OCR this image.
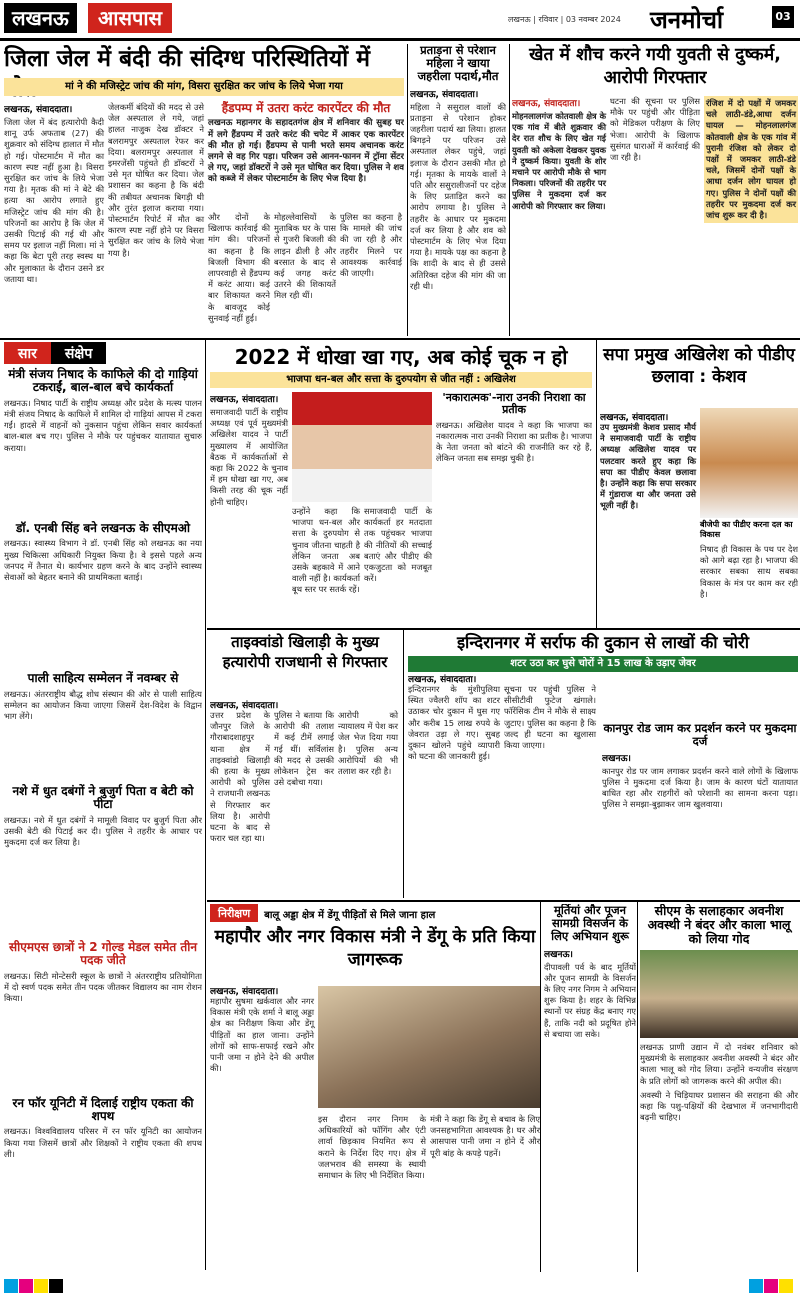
लखनऊ	आसपास	लखनऊ | रविवार | 03 नवम्बर 2024 जनमोर्चा	03
जिला जेल में बंदी की संदिग्ध परिस्थितियों में
मां ने की मजिस्ट्रेट जांच की मांग, विसरा सुरक्षित कर जांच के लिये भेजा गया
लखनऊ, संवाददाता।
जिला जेल में बंद हत्यारोपी कैदी शानू उर्फ अफताब (27) की शुक्रवार को संदिग्ध हालात में मौत हो गई। पोस्टमार्टम में मौत का कारण स्पष्ट नहीं हुआ है। विसरा सुरक्षित कर जांच के लिये भेजा गया है। मृतक की मां ने बेटे की हत्या का आरोप लगाते हुए मजिस्ट्रेट जांच की मांग की है। परिजनों का आरोप है कि जेल में उसकी पिटाई की गई थी और समय पर इलाज नहीं मिला। मां ने कहा कि बेटा पूरी तरह स्वस्थ था और मुलाकात के दौरान उसने डर जताया था।
जेलकर्मी बंदियों की मदद से उसे जेल अस्पताल ले गये, जहां हालत नाजुक देख डॉक्टर ने बलरामपुर अस्पताल रेफर कर दिया। बलरामपुर अस्पताल में इमरजेंसी पहुंचते ही डॉक्टरों ने उसे मृत घोषित कर दिया। जेल प्रशासन का कहना है कि बंदी की तबीयत अचानक बिगड़ी थी और तुरंत इलाज कराया गया। पोस्टमार्टम रिपोर्ट में मौत का कारण स्पष्ट नहीं होने पर विसरा सुरक्षित कर जांच के लिये भेजा गया है।
हैंडपम्प में उतरा करंट कारपेंटर की मौत
लखनऊ महानगर के सहादतगंज क्षेत्र में शनिवार की सुबह घर में लगे हैंडपम्प में उतरे करंट की चपेट में आकर एक कारपेंटर की मौत हो गई। हैंडपम्प से पानी भरते समय अचानक करंट लगने से वह गिर पड़ा। परिजन उसे आनन-फानन में ट्रॉमा सेंटर ले गए, जहां डॉक्टरों ने उसे मृत घोषित कर दिया। पुलिस ने शव को कब्जे में लेकर पोस्टमार्टम के लिए भेज दिया है।
और दोनों के खिलाफ कार्रवाई की मांग की। परिजनों का कहना है कि बिजली विभाग की लापरवाही से हैंडपम्प में करंट आया। कई बार शिकायत करने के बावजूद कोई सुनवाई नहीं हुई।
मोहल्लेवासियों के मुताबिक घर के पास से गुजरी बिजली की लाइन ढीली है और बरसात के बाद से कई जगह करंट उतरने की शिकायतें मिल रही थीं।
पुलिस का कहना है कि मामले की जांच की जा रही है और तहरीर मिलने पर आवश्यक कार्रवाई की जाएगी।
प्रताड़ना से परेशान महिला ने खाया जहरीला पदार्थ,मौत
लखनऊ, संवाददाता।
महिला ने ससुराल वालों की प्रताड़ना से परेशान होकर जहरीला पदार्थ खा लिया। हालत बिगड़ने पर परिजन उसे अस्पताल लेकर पहुंचे, जहां इलाज के दौरान उसकी मौत हो गई। मृतका के मायके वालों ने पति और ससुरालीजनों पर दहेज के लिए प्रताड़ित करने का आरोप लगाया है। पुलिस ने तहरीर के आधार पर मुकदमा दर्ज कर लिया है और शव को पोस्टमार्टम के लिए भेज दिया गया है। मायके पक्ष का कहना है कि शादी के बाद से ही उससे अतिरिक्त दहेज की मांग की जा रही थी।
खेत में शौच करने गयी युवती से दुष्कर्म, आरोपी गिरफ्तार
लखनऊ, संवाददाता।
मोहनलालगंज कोतवाली क्षेत्र के एक गांव में बीते शुक्रवार की देर रात शौच के लिए खेत गई युवती को अकेला देखकर युवक ने दुष्कर्म किया। युवती के शोर मचाने पर आरोपी मौके से भाग निकला। परिजनों की तहरीर पर पुलिस ने मुकदमा दर्ज कर आरोपी को गिरफ्तार कर लिया।
घटना की सूचना पर पुलिस मौके पर पहुंची और पीड़िता को मेडिकल परीक्षण के लिए भेजा। आरोपी के खिलाफ सुसंगत धाराओं में कार्रवाई की जा रही है।
रंजिश में दो पक्षों में जमकर चले लाठी-डंडे,आधा दर्जन घायल — मोहनलालगंज कोतवाली क्षेत्र के एक गांव में पुरानी रंजिश को लेकर दो पक्षों में जमकर लाठी-डंडे चले, जिसमें दोनों पक्षों के आधा दर्जन लोग घायल हो गए। पुलिस ने दोनों पक्षों की तहरीर पर मुकदमा दर्ज कर जांच शुरू कर दी है।
सार	संक्षेप
मंत्री संजय निषाद के काफिले की दो गाड़ियां टकराईं, बाल-बाल बचे कार्यकर्ता
लखनऊ। निषाद पार्टी के राष्ट्रीय अध्यक्ष और प्रदेश के मत्स्य पालन मंत्री संजय निषाद के काफिले में शामिल दो गाड़ियां आपस में टकरा गईं। हादसे में वाहनों को नुकसान पहुंचा लेकिन सवार कार्यकर्ता बाल-बाल बच गए। पुलिस ने मौके पर पहुंचकर यातायात सुचारु कराया।
डॉ. एनबी सिंह बने लखनऊ के सीएमओ
लखनऊ। स्वास्थ्य विभाग ने डॉ. एनबी सिंह को लखनऊ का नया मुख्य चिकित्सा अधिकारी नियुक्त किया है। वे इससे पहले अन्य जनपद में तैनात थे। कार्यभार ग्रहण करने के बाद उन्होंने स्वास्थ्य सेवाओं को बेहतर बनाने की प्राथमिकता बताई।
पाली साहित्य सम्मेलन नें नवम्बर से
लखनऊ। अंतरराष्ट्रीय बौद्ध शोध संस्थान की ओर से पाली साहित्य सम्मेलन का आयोजन किया जाएगा जिसमें देश-विदेश के विद्वान भाग लेंगे।
नशे में धुत दबंगों ने बुजुर्ग पिता व बेटी को पीटा
लखनऊ। नशे में धुत दबंगों ने मामूली विवाद पर बुजुर्ग पिता और उसकी बेटी की पिटाई कर दी। पुलिस ने तहरीर के आधार पर मुकदमा दर्ज कर लिया है।
सीएमएस छात्रों ने 2 गोल्ड मेडल समेत तीन पदक जीते
लखनऊ। सिटी मोन्टेसरी स्कूल के छात्रों ने अंतरराष्ट्रीय प्रतियोगिता में दो स्वर्ण पदक समेत तीन पदक जीतकर विद्यालय का नाम रोशन किया।
रन फॉर यूनिटी में दिलाई राष्ट्रीय एकता की शपथ
लखनऊ। विश्वविद्यालय परिसर में रन फॉर यूनिटी का आयोजन किया गया जिसमें छात्रों और शिक्षकों ने राष्ट्रीय एकता की शपथ ली।
2022 में धोखा खा गए, अब कोई चूक न हो
भाजपा धन-बल और सत्ता के दुरुपयोग से जीत नहीं : अखिलेश
लखनऊ, संवाददाता।
समाजवादी पार्टी के राष्ट्रीय अध्यक्ष एवं पूर्व मुख्यमंत्री अखिलेश यादव ने पार्टी मुख्यालय में आयोजित बैठक में कार्यकर्ताओं से कहा कि 2022 के चुनाव में हम धोखा खा गए, अब किसी तरह की चूक नहीं होनी चाहिए।
उन्होंने कहा कि भाजपा धन-बल और सत्ता के दुरुपयोग से चुनाव जीतना चाहती है लेकिन जनता अब उसके बहकावे में आने वाली नहीं है। कार्यकर्ता बूथ स्तर पर सतर्क रहें।
समाजवादी पार्टी के कार्यकर्ता हर मतदाता तक पहुंचकर भाजपा की नीतियों की सच्चाई बताएं और पीडीए की एकजुटता को मजबूत करें।
'नकारात्मक'-नारा उनकी निराशा का प्रतीक
लखनऊ। अखिलेश यादव ने कहा कि भाजपा का नकारात्मक नारा उनकी निराशा का प्रतीक है। भाजपा के नेता जनता को बांटने की राजनीति कर रहे हैं, लेकिन जनता सब समझ चुकी है।
सपा प्रमुख अखिलेश को पीडीए छलावा : केशव
लखनऊ, संवाददाता।
उप मुख्यमंत्री केशव प्रसाद मौर्य ने समाजवादी पार्टी के राष्ट्रीय अध्यक्ष अखिलेश यादव पर पलटवार करते हुए कहा कि सपा का पीडीए केवल छलावा है। उन्होंने कहा कि सपा सरकार में गुंडाराज था और जनता उसे भूली नहीं है।
बीजेपी का पीडीए करना दल का विकास
निषाद ही विकास के पथ पर देश को आगे बढ़ा रहा है। भाजपा की सरकार सबका साथ सबका विकास के मंत्र पर काम कर रही है।
ताइक्वांडो खिलाड़ी के मुख्य हत्यारोपी राजधानी से गिरफ्तार
लखनऊ, संवाददाता।
उत्तर प्रदेश के जौनपुर जिले के गौराबादशाहपुर थाना क्षेत्र में ताइक्वांडो खिलाड़ी की हत्या के मुख्य आरोपी को पुलिस ने राजधानी लखनऊ से गिरफ्तार कर लिया है। आरोपी घटना के बाद से फरार चल रहा था।
पुलिस ने बताया कि आरोपी की तलाश में कई टीमें लगाई गई थीं। सर्विलांस की मदद से उसकी लोकेशन ट्रेस कर उसे दबोचा गया।
आरोपी को न्यायालय में पेश कर जेल भेज दिया गया है। पुलिस अन्य आरोपियों की भी तलाश कर रही है।
इन्दिरानगर में सर्राफ की दुकान से लाखों की चोरी
शटर उठा कर घुसे चोरों ने 15 लाख के उड़ाए जेवर
लखनऊ, संवाददाता।
इन्दिरानगर के मुंशीपुलिया स्थित ज्वैलरी शॉप का शटर उठाकर चोर दुकान में घुस गए और करीब 15 लाख रुपये के जेवरात उड़ा ले गए। सुबह दुकान खोलने पहुंचे व्यापारी को घटना की जानकारी हुई।
सूचना पर पहुंची पुलिस ने सीसीटीवी फुटेज खंगाले। फॉरेंसिक टीम ने मौके से साक्ष्य जुटाए। पुलिस का कहना है कि जल्द ही घटना का खुलासा किया जाएगा।
कानपुर रोड जाम कर प्रदर्शन करने पर मुकदमा दर्ज
लखनऊ।
कानपुर रोड पर जाम लगाकर प्रदर्शन करने वाले लोगों के खिलाफ पुलिस ने मुकदमा दर्ज किया है। जाम के कारण घंटों यातायात बाधित रहा और राहगीरों को परेशानी का सामना करना पड़ा। पुलिस ने समझा-बुझाकर जाम खुलवाया।
निरीक्षण	बालू अड्डा क्षेत्र में डेंगू पीड़ितों से मिले जाना हाल
महापौर और नगर विकास मंत्री ने डेंगू के प्रति किया जागरूक
लखनऊ, संवाददाता।
महापौर सुषमा खर्कवाल और नगर विकास मंत्री एके शर्मा ने बालू अड्डा क्षेत्र का निरीक्षण किया और डेंगू पीड़ितों का हाल जाना। उन्होंने लोगों को साफ-सफाई रखने और पानी जमा न होने देने की अपील की।
इस दौरान नगर निगम के अधिकारियों को फॉगिंग और एंटी लार्वा छिड़काव नियमित रूप से कराने के निर्देश दिए गए। क्षेत्र में जलभराव की समस्या के स्थायी समाधान के लिए भी निर्देशित किया।
मंत्री ने कहा कि डेंगू से बचाव के लिए जनसहभागिता आवश्यक है। घर और आसपास पानी जमा न होने दें और पूरी बांह के कपड़े पहनें।
मूर्तियां और पूजन सामग्री विसर्जन के लिए अभियान शुरू
लखनऊ।
दीपावली पर्व के बाद मूर्तियों और पूजन सामग्री के विसर्जन के लिए नगर निगम ने अभियान शुरू किया है। शहर के विभिन्न स्थानों पर संग्रह केंद्र बनाए गए हैं, ताकि नदी को प्रदूषित होने से बचाया जा सके।
सीएम के सलाहकार अवनीश अवस्थी ने बंदर और काला भालू को लिया गोद
लखनऊ प्राणी उद्यान में दो नवंबर शनिवार को मुख्यमंत्री के सलाहकार अवनीश अवस्थी ने बंदर और काला भालू को गोद लिया। उन्होंने वन्यजीव संरक्षण के प्रति लोगों को जागरूक करने की अपील की।
अवस्थी ने चिड़ियाघर प्रशासन की सराहना की और कहा कि पशु-पक्षियों की देखभाल में जनभागीदारी बढ़नी चाहिए।
